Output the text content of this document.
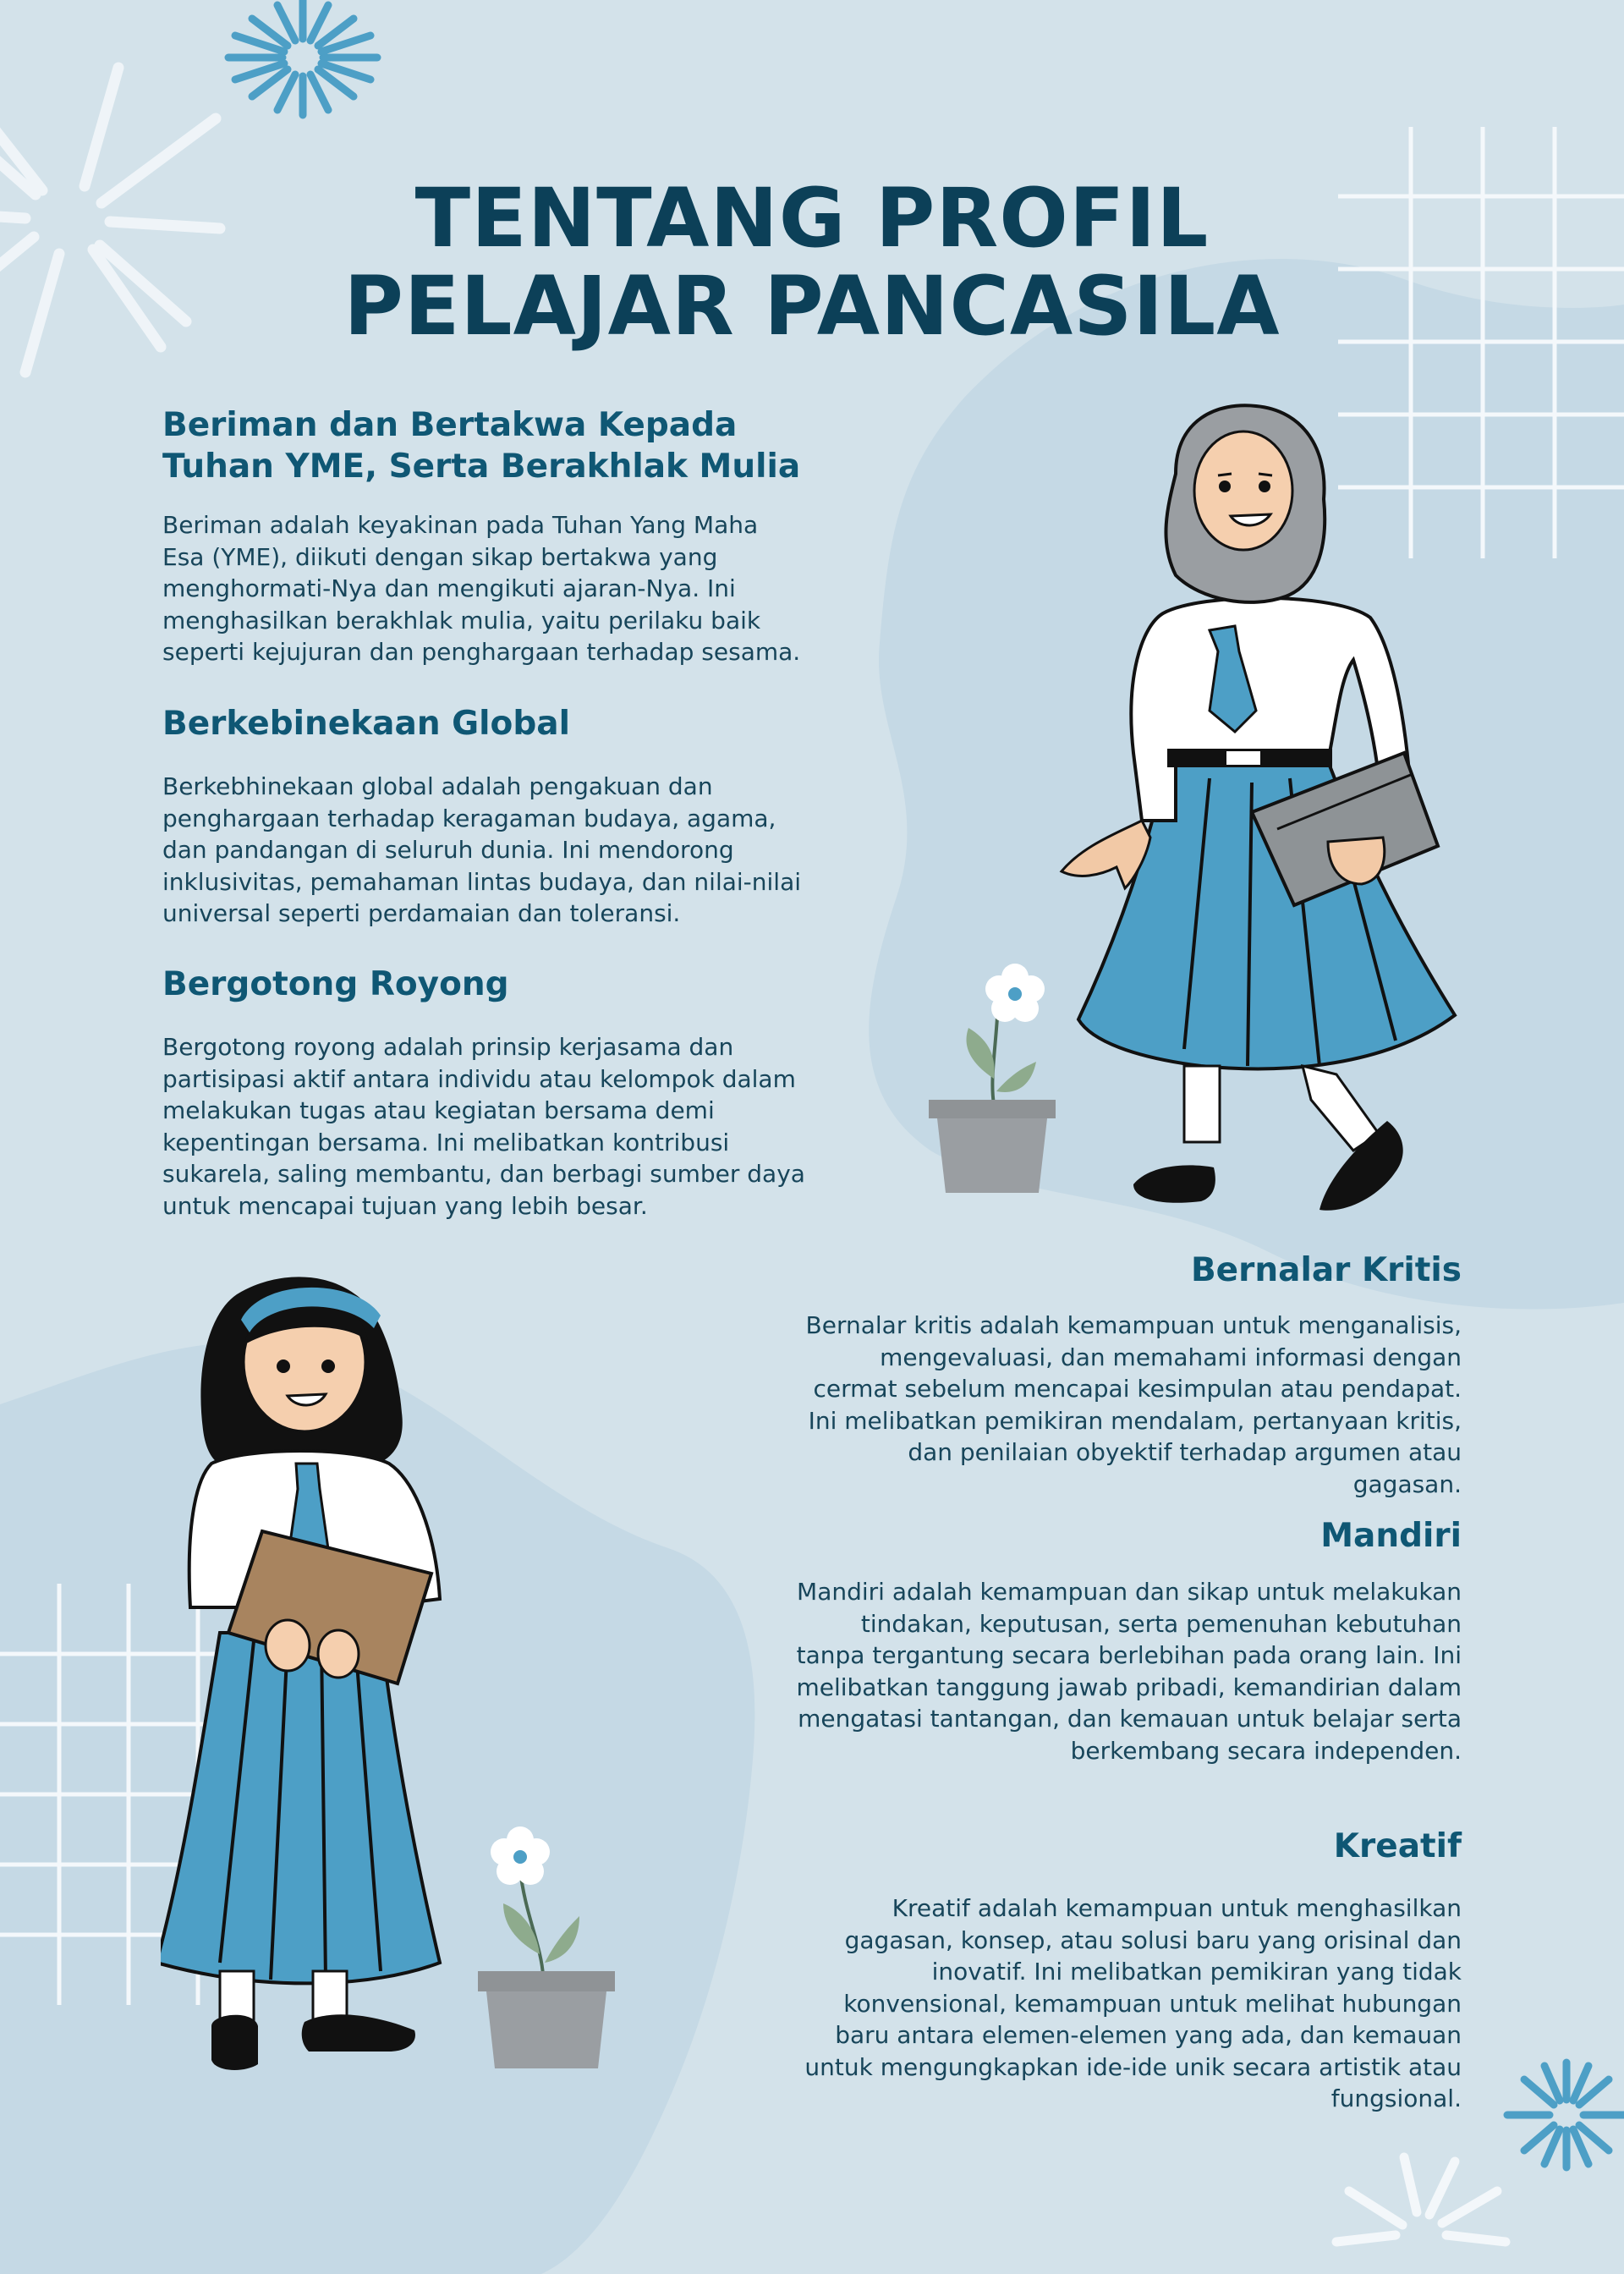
TENTANG PROFIL
PELAJAR PANCASILA
Beriman dan Bertakwa Kepada Tuhan YME, Serta Berakhlak Mulia

Beriman adalah keyakinan pada Tuhan Yang Maha Esa (YME), diikuti dengan sikap bertakwa yang menghormati-Nya dan mengikuti ajaran-Nya. Ini menghasilkan berakhlak mulia, yaitu perilaku baik seperti kejujuran dan penghargaan terhadap sesama.

Berkebinekaan Global

Berkebhinekaan global adalah pengakuan dan penghargaan terhadap keragaman budaya, agama, dan pandangan di seluruh dunia. Ini mendorong inklusivitas, pemahaman lintas budaya, dan nilai-nilai universal seperti perdamaian dan toleransi.

Bergotong Royong

Bergotong royong adalah prinsip kerjasama dan partisipasi aktif antara individu atau kelompok dalam melakukan tugas atau kegiatan bersama demi kepentingan bersama. Ini melibatkan kontribusi sukarela, saling membantu, dan berbagi sumber daya untuk mencapai tujuan yang lebih besar.

Bernalar Kritis

Bernalar kritis adalah kemampuan untuk menganalisis, mengevaluasi, dan memahami informasi dengan cermat sebelum mencapai kesimpulan atau pendapat. Ini melibatkan pemikiran mendalam, pertanyaan kritis, dan penilaian obyektif terhadap argumen atau gagasan.

Mandiri

Mandiri adalah kemampuan dan sikap untuk melakukan tindakan, keputusan, serta pemenuhan kebutuhan tanpa tergantung secara berlebihan pada orang lain. Ini melibatkan tanggung jawab pribadi, kemandirian dalam mengatasi tantangan, dan kemauan untuk belajar serta berkembang secara independen.

Kreatif

Kreatif adalah kemampuan untuk menghasilkan gagasan, konsep, atau solusi baru yang orisinal dan inovatif. Ini melibatkan pemikiran yang tidak konvensional, kemampuan untuk melihat hubungan baru antara elemen-elemen yang ada, dan kemauan untuk mengungkapkan ide-ide unik secara artistik atau fungsional.
